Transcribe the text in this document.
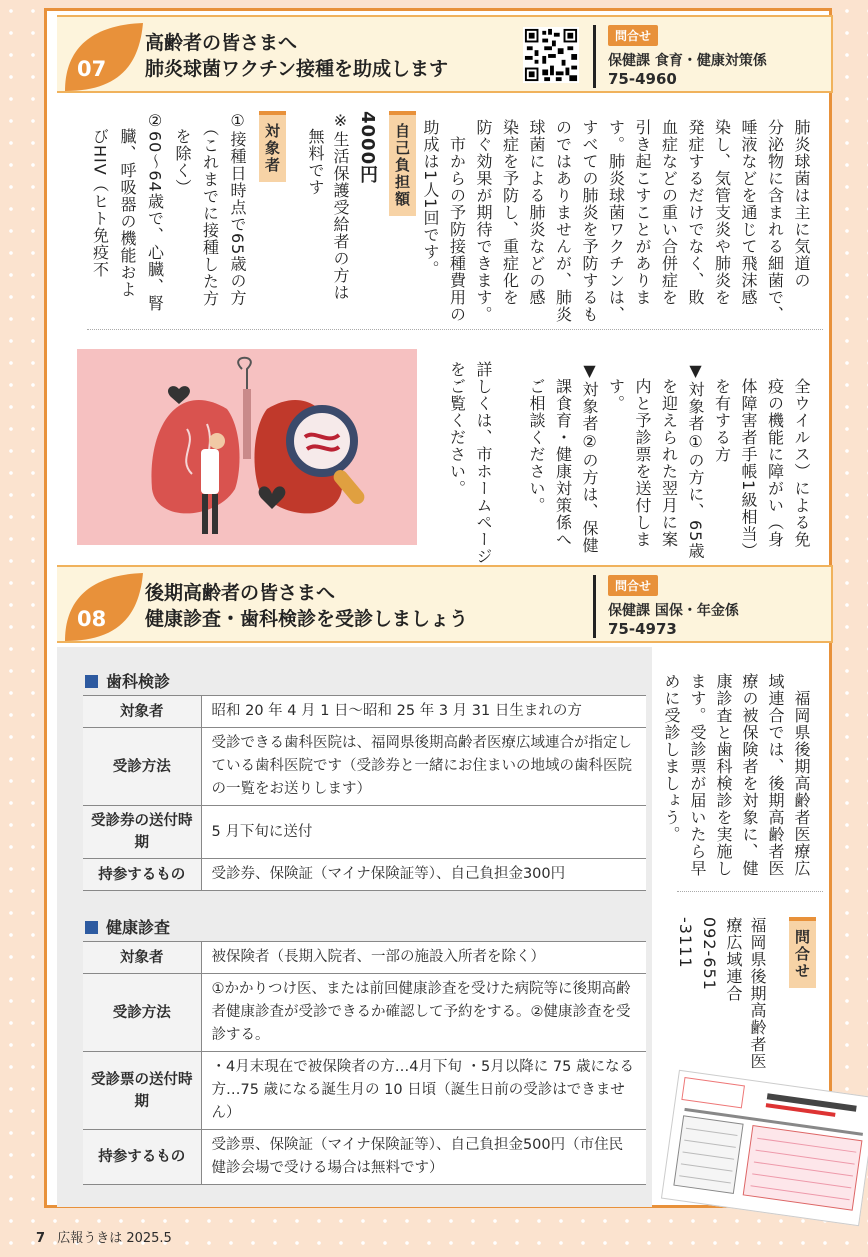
07
高齢者の皆さまへ
肺炎球菌ワクチン接種を助成します
問合せ
保健課 食育・健康対策係
75-4960
肺炎球菌は主に気道の
分泌物に含まれる細菌で、
唾液などを通じて飛沫感
染し、気管支炎や肺炎を
発症するだけでなく、敗
血症などの重い合併症を
引き起こすことがありま
す。肺炎球菌ワクチンは、
すべての肺炎を予防するも
のではありませんが、肺炎
球菌による肺炎などの感
染症を予防し、重症化を
防ぐ効果が期待できます。
　市からの予防接種費用の
助成は1人1回です。
自己負担額
4000円
※生活保護受給者の方は
　無料です
対象者
①接種日時点で65歳の方
　（これまでに接種した方
　を除く）
②60～64歳で、心臓、腎
　臓、呼吸器の機能およ
　びHIV（ヒト免疫不
　全ウイルス）による免
　疫の機能に障がい（身
　体障害者手帳1級相当）
　を有する方
▼対象者①の方に、65歳
　を迎えられた翌月に案
　内と予診票を送付しま
　す。
▼対象者②の方は、保健
　課食育・健康対策係へ
　ご相談ください。
詳しくは、市ホームページ
をご覧ください。
08
後期高齢者の皆さまへ
健康診査・歯科検診を受診しましょう
問合せ
保健課 国保・年金係
75-4973
歯科検診
対象者	昭和 20 年 4 月 1 日～昭和 25 年 3 月 31 日生まれの方
受診方法	受診できる歯科医院は、福岡県後期高齢者医療広域連合が指定している歯科医院です（受診券と一緒にお住まいの地域の歯科医院の一覧をお送りします）
受診券の送付時期	5 月下旬に送付
持参するもの	受診券、保険証（マイナ保険証等）、自己負担金300円
健康診査
対象者	被保険者（長期入院者、一部の施設入所者を除く）
受診方法	①かかりつけ医、または前回健康診査を受けた病院等に後期高齢者健康診査が受診できるか確認して予約をする。②健康診査を受診する。
受診票の送付時期	・4月末現在で被保険者の方…4月下旬 ・5月以降に 75 歳になる方…75 歳になる誕生月の 10 日頃（誕生日前の受診はできません）
持参するもの	受診票、保険証（マイナ保険証等）、自己負担金500円（市住民健診会場で受ける場合は無料です）
　福岡県後期高齢者医療広
域連合では、後期高齢者医
療の被保険者を対象に、健
康診査と歯科検診を実施し
ます。受診票が届いたら早
めに受診しましょう。
問合せ
福岡県後期高齢者医
療広域連合
092-651
-3111
7 広報うきは 2025.5
